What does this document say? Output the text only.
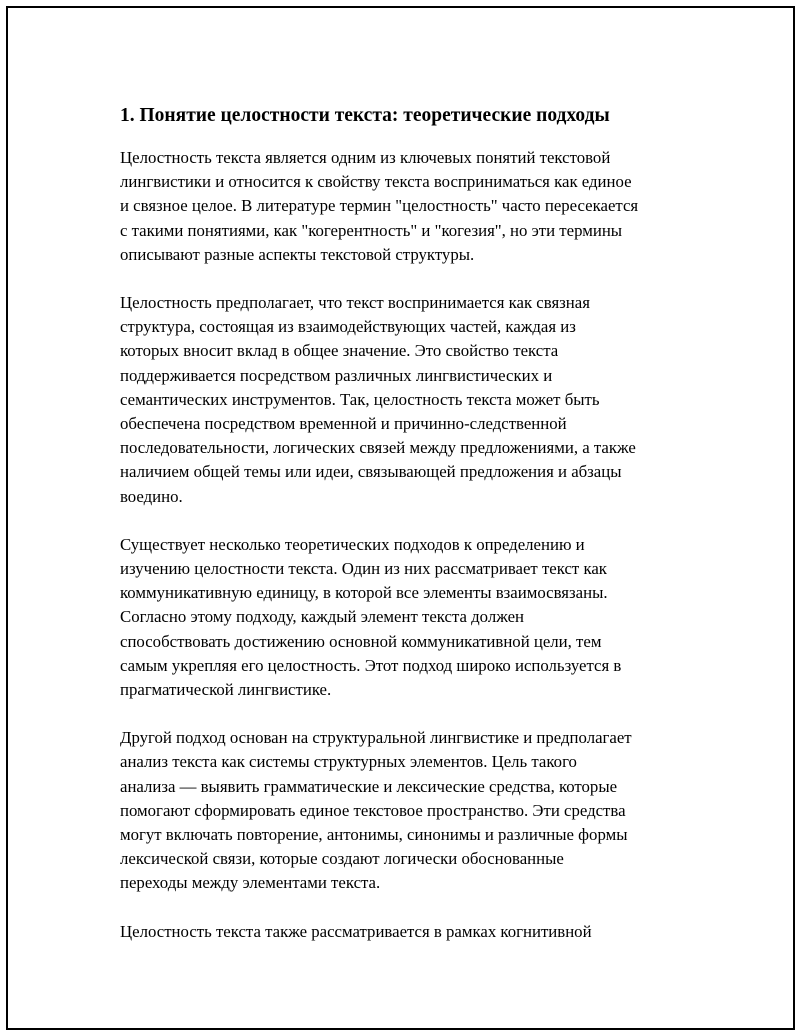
1. Понятие целостности текста: теоретические подходы

Целостность текста является одним из ключевых понятий текстовой
лингвистики и относится к свойству текста восприниматься как единое
и связное целое. В литературе термин "целостность" часто пересекается
с такими понятиями, как "когерентность" и "когезия", но эти термины
описывают разные аспекты текстовой структуры.

Целостность предполагает, что текст воспринимается как связная
структура, состоящая из взаимодействующих частей, каждая из
которых вносит вклад в общее значение. Это свойство текста
поддерживается посредством различных лингвистических и
семантических инструментов. Так, целостность текста может быть
обеспечена посредством временной и причинно-следственной
последовательности, логических связей между предложениями, а также
наличием общей темы или идеи, связывающей предложения и абзацы
воедино.

Существует несколько теоретических подходов к определению и
изучению целостности текста. Один из них рассматривает текст как
коммуникативную единицу, в которой все элементы взаимосвязаны.
Согласно этому подходу, каждый элемент текста должен
способствовать достижению основной коммуникативной цели, тем
самым укрепляя его целостность. Этот подход широко используется в
прагматической лингвистике.

Другой подход основан на структуральной лингвистике и предполагает
анализ текста как системы структурных элементов. Цель такого
анализа — выявить грамматические и лексические средства, которые
помогают сформировать единое текстовое пространство. Эти средства
могут включать повторение, антонимы, синонимы и различные формы
лексической связи, которые создают логически обоснованные
переходы между элементами текста.

Целостность текста также рассматривается в рамках когнитивной
